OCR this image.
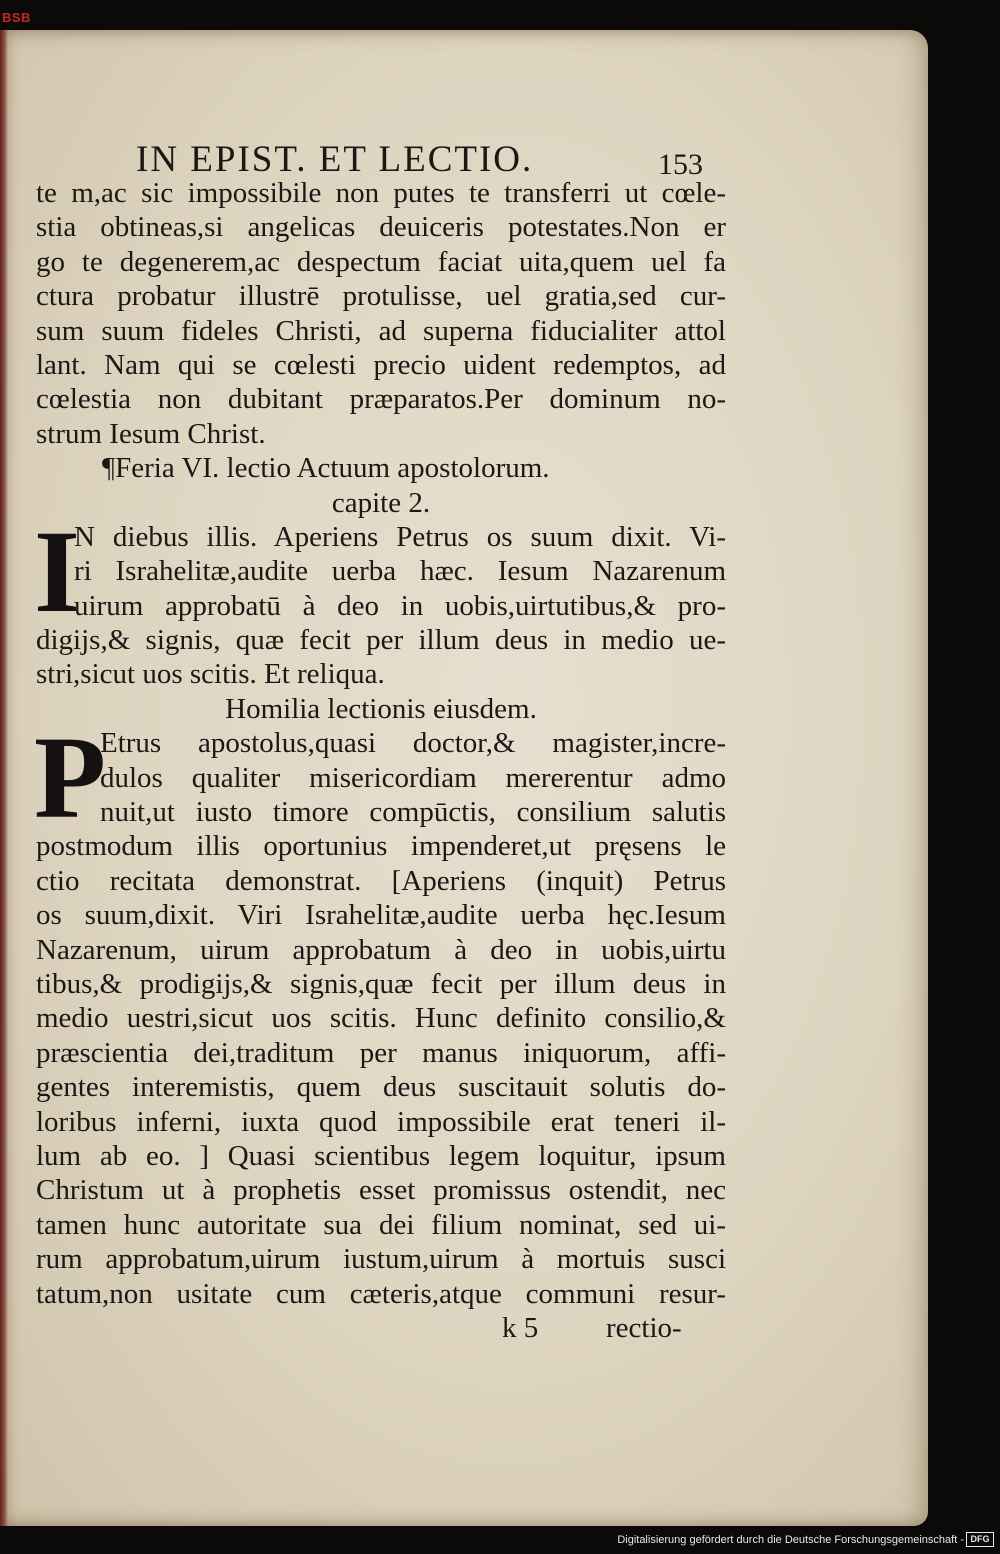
BSB
IN EPIST. ET LECTIO.	153
te m,ac sic impossibile non putes te transferri ut cœle-
stia obtineas,si angelicas deuiceris potestates.Non er
go te degenerem,ac despectum faciat uita,quem uel fa
ctura probatur illustrē protulisse, uel gratia,sed cur-
sum suum fideles Christi, ad superna fiducialiter attol
lant. Nam qui se cœlesti precio uident redemptos, ad
cœlestia non dubitant præparatos.Per dominum no-
strum Iesum Christ.
¶Feria VI. lectio Actuum apostolorum.
capite 2.
I
N diebus illis. Aperiens Petrus os suum dixit. Vi-
ri Israhelitæ,audite uerba hæc. Iesum Nazarenum
uirum approbatū à deo in uobis,uirtutibus,& pro-
digijs,& signis, quæ fecit per illum deus in medio ue-
stri,sicut uos scitis. Et reliqua.
Homilia lectionis eiusdem.
P
Etrus apostolus,quasi doctor,& magister,incre-
dulos qualiter misericordiam mererentur admo
nuit,ut iusto timore compūctis, consilium salutis
postmodum illis oportunius impenderet,ut pręsens le
ctio recitata demonstrat. [Aperiens (inquit) Petrus
os suum,dixit. Viri Israhelitæ,audite uerba hęc.Iesum
Nazarenum, uirum approbatum à deo in uobis,uirtu
tibus,& prodigijs,& signis,quæ fecit per illum deus in
medio uestri,sicut uos scitis. Hunc definito consilio,&
præscientia dei,traditum per manus iniquorum, affi-
gentes interemistis, quem deus suscitauit solutis do-
loribus inferni, iuxta quod impossibile erat teneri il-
lum ab eo. ] Quasi scientibus legem loquitur, ipsum
Christum ut à prophetis esset promissus ostendit, nec
tamen hunc autoritate sua dei filium nominat, sed ui-
rum approbatum,uirum iustum,uirum à mortuis susci
tatum,non usitate cum cæteris,atque communi resur-
k 5 rectio-
Digitalisierung gefördert durch die Deutsche Forschungsgemeinschaft - DFG
